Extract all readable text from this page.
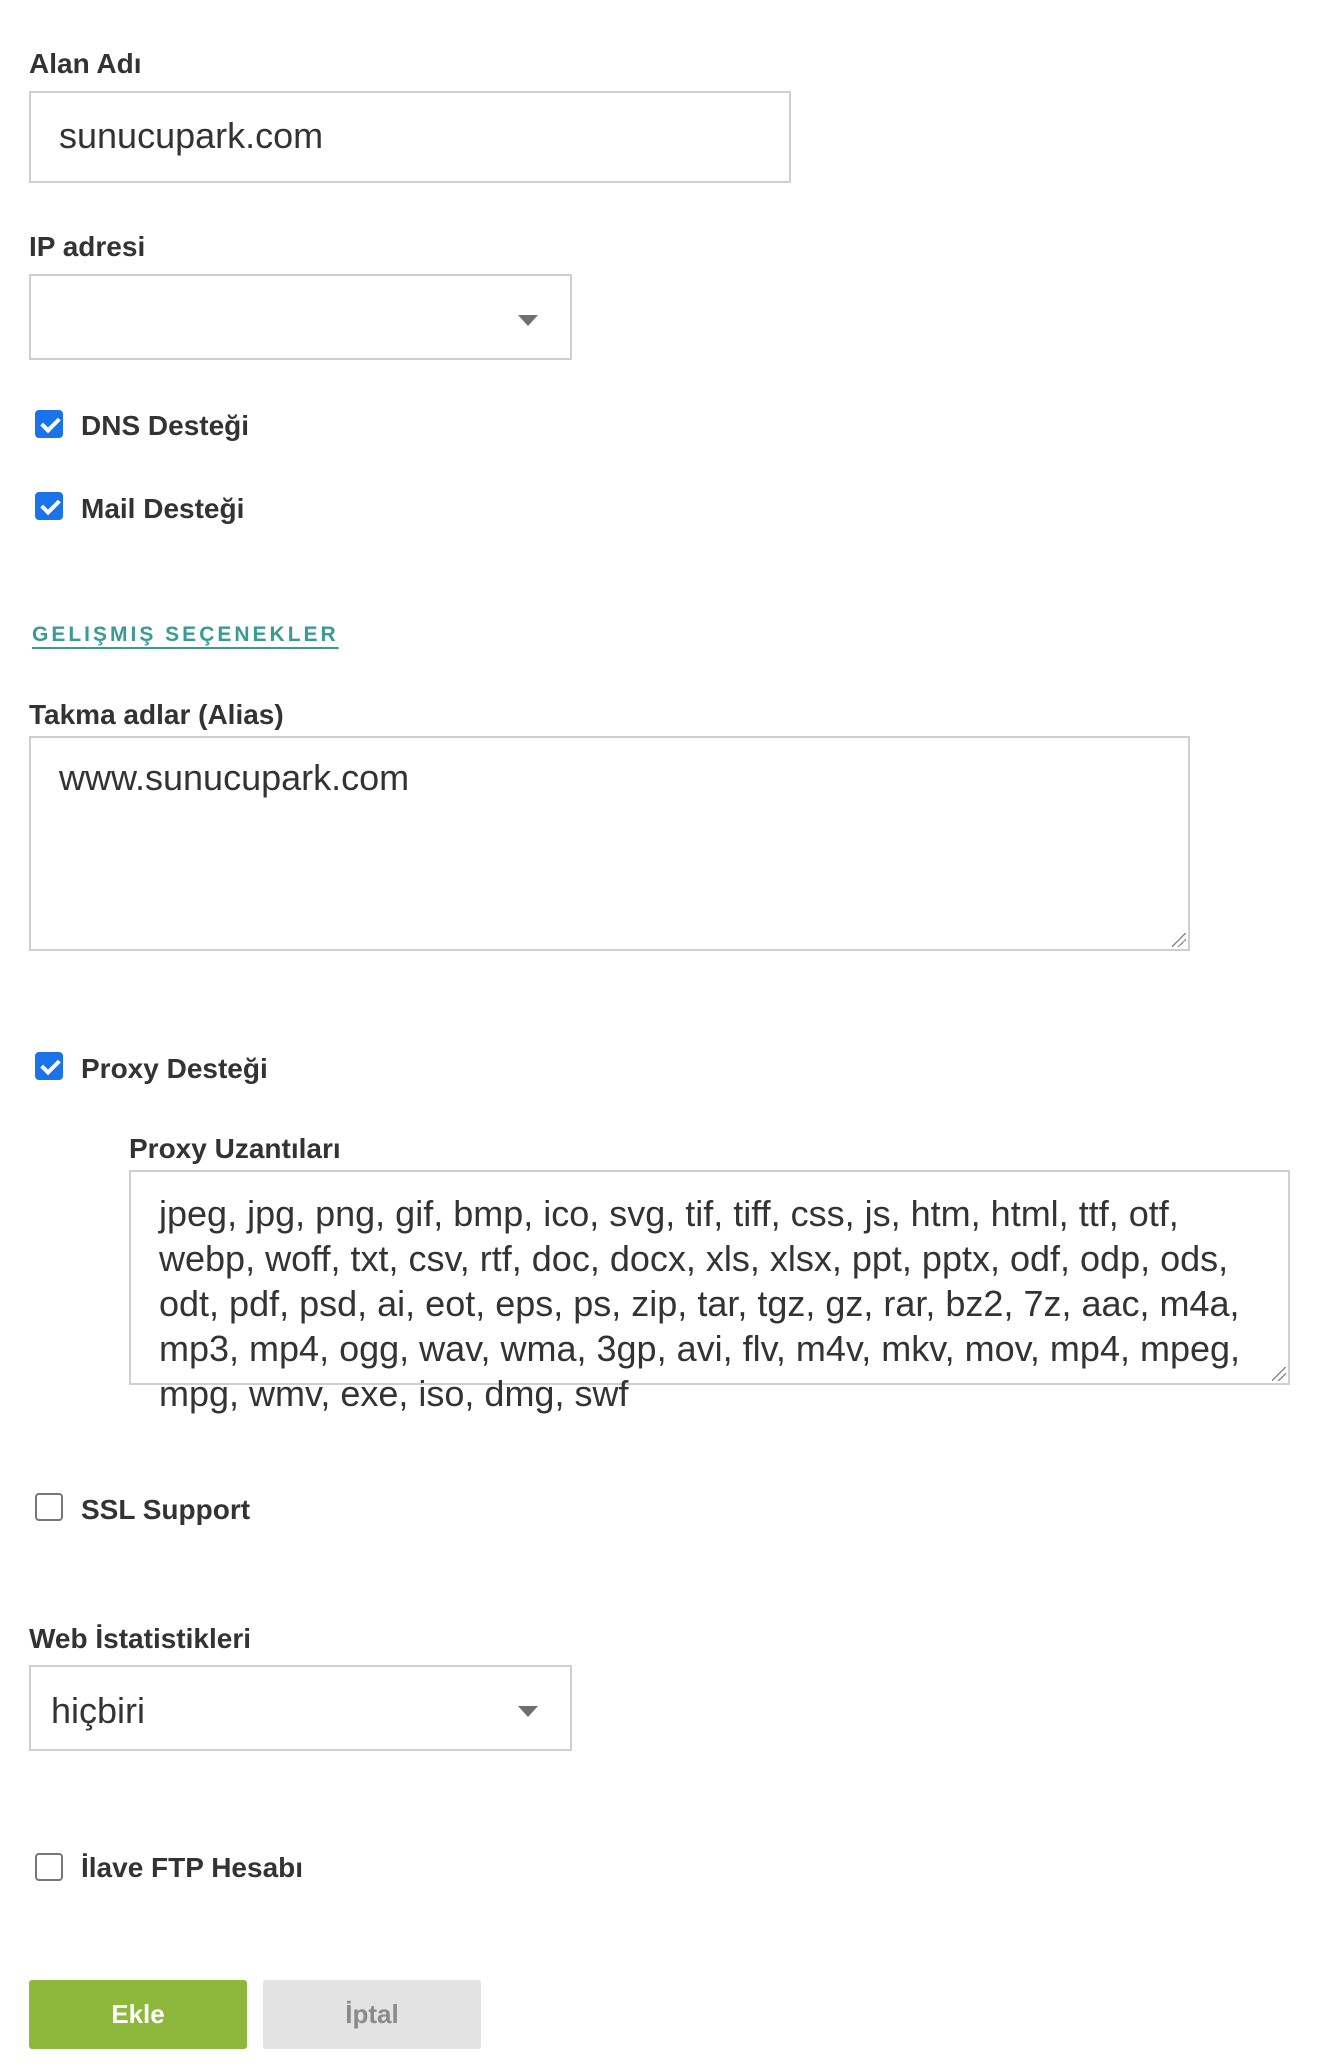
Alan Adı
sunucupark.com
IP adresi
DNS Desteği
Mail Desteği
GELIŞMIŞ SEÇENEKLER
Takma adlar (Alias)
www.sunucupark.com
Proxy Desteği
Proxy Uzantıları
jpeg, jpg, png, gif, bmp, ico, svg, tif, tiff, css, js, htm, html, ttf, otf, webp, woff, txt, csv, rtf, doc, docx, xls, xlsx, ppt, pptx, odf, odp, ods, odt, pdf, psd, ai, eot, eps, ps, zip, tar, tgz, gz, rar, bz2, 7z, aac, m4a, mp3, mp4, ogg, wav, wma, 3gp, avi, flv, m4v, mkv, mov, mp4, mpeg, mpg, wmv, exe, iso, dmg, swf
SSL Support
Web İstatistikleri
hiçbiri
İlave FTP Hesabı
Ekle	İptal
